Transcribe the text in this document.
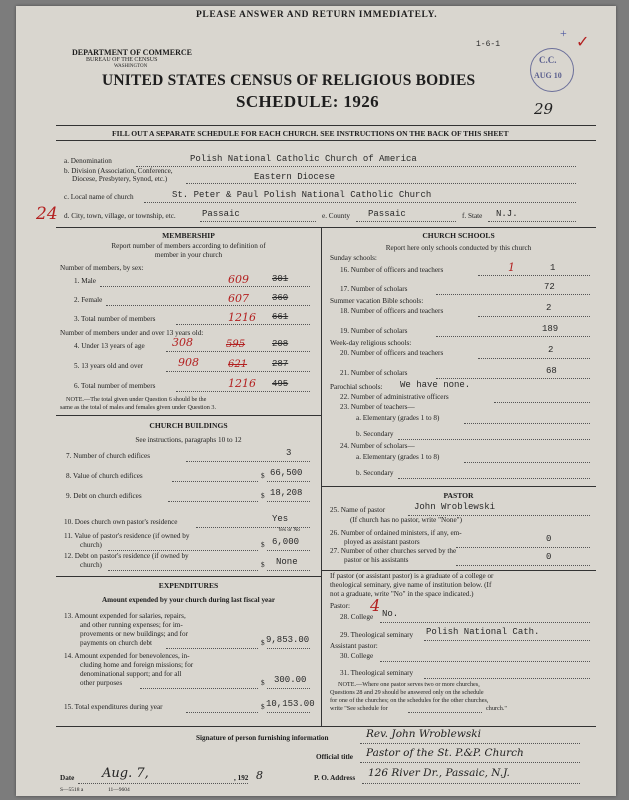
PLEASE ANSWER AND RETURN IMMEDIATELY.
1-6-1
DEPARTMENT OF COMMERCE
BUREAU OF THE CENSUS
WASHINGTON
UNITED STATES CENSUS OF RELIGIOUS BODIES
SCHEDULE: 1926
C.C.
AUG 10
29
✓
+
FILL OUT A SEPARATE SCHEDULE FOR EACH CHURCH. SEE INSTRUCTIONS ON THE BACK OF THIS SHEET
a. Denomination	Polish National Catholic Church of America
b. Division (Association, Conference,
Diocese, Presbytery, Synod, etc.)	Eastern Diocese
c. Local name of church	St. Peter & Paul Polish National Catholic Church
24 d. City, town, village, or township, etc.	Passaic	e. County Passaic	f. State N.J.
MEMBERSHIP
Report number of members according to definition of
member in your church
Number of members, by sex:
1. Male	609	301
2. Female	607	360
3. Total number of members	1216 661
Number of members under and over 13 years old:
4. Under 13 years of age 308	595	208
5. 13 years old and over	908	621	287
6. Total number of members	1216 495
NOTE.—The total given under Question 6 should be the
same as the total of males and females given under Question 3.
CHURCH BUILDINGS
See instructions, paragraphs 10 to 12
7. Number of church edifices	3
8. Value of church edifices	$ 66,500
9. Debt on church edifices	$ 18,208
10. Does church own pastor's residence	Yes
Yes or No
11. Value of pastor's residence (if owned by
church)	$ 6,000
12. Debt on pastor's residence (if owned by
church)	$ None
EXPENDITURES
Amount expended by your church during last fiscal year
13. Amount expended for salaries, repairs,
and other running expenses; for im-
provements or new buildings; and for
payments on church debt	$ 9,853.00
14. Amount expended for benevolences, in-
cluding home and foreign missions; for
denominational support; and for all
other purposes	$ 300.00
15. Total expenditures during year	$ 10,153.00
CHURCH SCHOOLS
Report here only schools conducted by this church
Sunday schools:
16. Number of officers and teachers	1	1
17. Number of scholars	72
Summer vacation Bible schools:
18. Number of officers and teachers	2
19. Number of scholars	189
Week-day religious schools:
20. Number of officers and teachers	2
21. Number of scholars	68
Parochial schools: We have none.
22. Number of administrative officers
23. Number of teachers—
a. Elementary (grades 1 to 8)
b. Secondary
24. Number of scholars—
a. Elementary (grades 1 to 8)
b. Secondary
PASTOR
25. Name of pastor	John Wroblewski
(If church has no pastor, write "None")
26. Number of ordained ministers, if any, em-
ployed as assistant pastors	0
27. Number of other churches served by the
pastor or his assistants	0
If pastor (or assistant pastor) is a graduate of a college or
theological seminary, give name of institution below. (If
not a graduate, write "No" in the space indicated.)
Pastor:
28. College No.
4
29. Theological seminary Polish National Cath.
Assistant pastor:
30. College
31. Theological seminary
NOTE.—Where one pastor serves two or more churches,
Questions 28 and 29 should be answered only on the schedule
for one of the churches; on the schedules for the other churches,
write "See schedule for	church."
Signature of person furnishing information	Rev. John Wroblewski
Official title Pastor of the St. P.&P. Church
Date Aug. 7,	, 192 8	P. O. Address 126 River Dr., Passaic, N.J.
S—5518 a	11—9604
